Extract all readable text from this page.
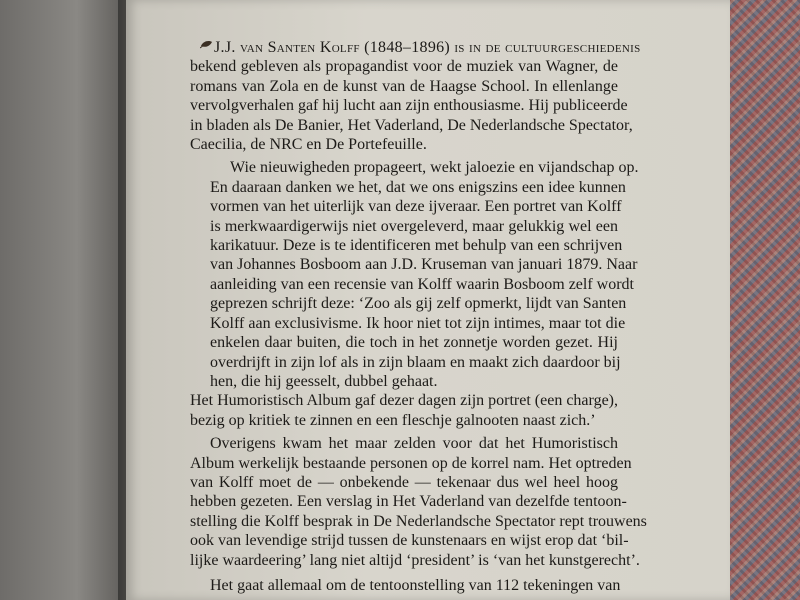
J.J. van Santen Kolff (1848–1896) is in de cultuurgeschiedenis
bekend gebleven als propagandist voor de muziek van Wagner, de
romans van Zola en de kunst van de Haagse School. In ellenlange
vervolgverhalen gaf hij lucht aan zijn enthousiasme. Hij publiceerde
in bladen als De Banier, Het Vaderland, De Nederlandsche Spectator,
Caecilia, de NRC en De Portefeuille.

Wie nieuwigheden propageert, wekt jaloezie en vijandschap op.
En daaraan danken we het, dat we ons enigszins een idee kunnen
vormen van het uiterlijk van deze ijveraar. Een portret van Kolff
is merkwaardigerwijs niet overgeleverd, maar gelukkig wel een
karikatuur. Deze is te identificeren met behulp van een schrijven
van Johannes Bosboom aan J.D. Kruseman van januari 1879. Naar
aanleiding van een recensie van Kolff waarin Bosboom zelf wordt
geprezen schrijft deze: ‘Zoo als gij zelf opmerkt, lijdt van Santen
Kolff aan exclusivisme. Ik hoor niet tot zijn intimes, maar tot die
enkelen daar buiten, die toch in het zonnetje worden gezet. Hij
overdrijft in zijn lof als in zijn blaam en maakt zich daardoor bij
hen, die hij geesselt, dubbel gehaat.

Het Humoristisch Album gaf dezer dagen zijn portret (een charge),
bezig op kritiek te zinnen en een fleschje galnooten naast zich.’

Overigens kwam het maar zelden voor dat het Humoristisch
Album werkelijk bestaande personen op de korrel nam. Het optreden
van Kolff moet de — onbekende — tekenaar dus wel heel hoog
hebben gezeten. Een verslag in Het Vaderland van dezelfde tentoon-
stelling die Kolff besprak in De Nederlandsche Spectator rept trouwens
ook van levendige strijd tussen de kunstenaars en wijst erop dat ‘bil-
lijke waardeering’ lang niet altijd ‘president’ is ‘van het kunstgerecht’.

Het gaat allemaal om de tentoonstelling van 112 tekeningen van
